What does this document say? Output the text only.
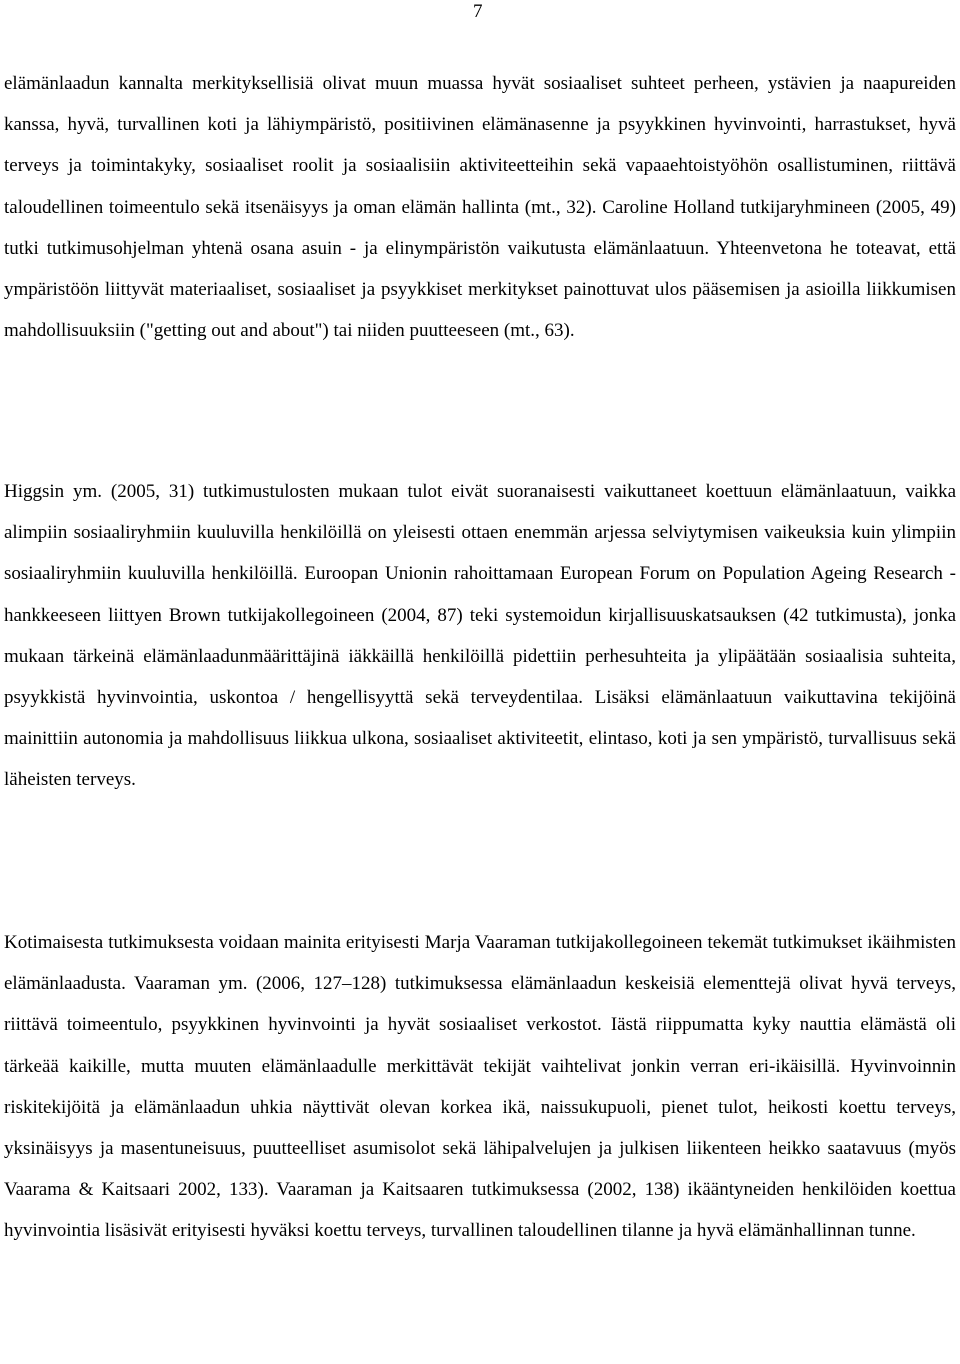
7

elämänlaadun kannalta merkityksellisiä olivat muun muassa hyvät sosiaaliset suhteet perheen, ystävien ja naapureiden kanssa, hyvä, turvallinen koti ja lähiympäristö, positiivinen elämänasenne ja psyykkinen hyvinvointi, harrastukset, hyvä terveys ja toimintakyky, sosiaaliset roolit ja sosiaalisiin aktiviteetteihin sekä vapaaehtoistyöhön osallistuminen, riittävä taloudellinen toimeentulo sekä itsenäisyys ja oman elämän hallinta (mt., 32). Caroline Holland tutkijaryhmineen (2005, 49) tutki tutkimusohjelman yhtenä osana asuin - ja elinympäristön vaikutusta elämänlaatuun. Yhteenvetona he toteavat, että ympäristöön liittyvät materiaaliset, sosiaaliset ja psyykkiset merkitykset painottuvat ulos pääsemisen ja asioilla liikkumisen mahdollisuuksiin ("getting out and about") tai niiden puutteeseen (mt., 63).

Higgsin ym. (2005, 31) tutkimustulosten mukaan tulot eivät suoranaisesti vaikuttaneet koettuun elämänlaatuun, vaikka alimpiin sosiaaliryhmiin kuuluvilla henkilöillä on yleisesti ottaen enemmän arjessa selviytymisen vaikeuksia kuin ylimpiin sosiaaliryhmiin kuuluvilla henkilöillä. Euroopan Unionin rahoittamaan European Forum on Population Ageing Research -hankkeeseen liittyen Brown tutkijakollegoineen (2004, 87) teki systemoidun kirjallisuuskatsauksen (42 tutkimusta), jonka mukaan tärkeinä elämänlaadunmäärittäjinä iäkkäillä henkilöillä pidettiin perhesuhteita ja ylipäätään sosiaalisia suhteita, psyykkistä hyvinvointia, uskontoa / hengellisyyttä sekä terveydentilaa. Lisäksi elämänlaatuun vaikuttavina tekijöinä mainittiin autonomia ja mahdollisuus liikkua ulkona, sosiaaliset aktiviteetit, elintaso, koti ja sen ympäristö, turvallisuus sekä läheisten terveys.

Kotimaisesta tutkimuksesta voidaan mainita erityisesti Marja Vaaraman tutkijakollegoineen tekemät tutkimukset ikäihmisten elämänlaadusta. Vaaraman ym. (2006, 127–128) tutkimuksessa elämänlaadun keskeisiä elementtejä olivat hyvä terveys, riittävä toimeentulo, psyykkinen hyvinvointi ja hyvät sosiaaliset verkostot. Iästä riippumatta kyky nauttia elämästä oli tärkeää kaikille, mutta muuten elämänlaadulle merkittävät tekijät vaihtelivat jonkin verran eri-ikäisillä. Hyvinvoinnin riskitekijöitä ja elämänlaadun uhkia näyttivät olevan korkea ikä, naissukupuoli, pienet tulot, heikosti koettu terveys, yksinäisyys ja masentuneisuus, puutteelliset asumisolot sekä lähipalvelujen ja julkisen liikenteen heikko saatavuus (myös Vaarama & Kaitsaari 2002, 133). Vaaraman ja Kaitsaaren tutkimuksessa (2002, 138) ikääntyneiden henkilöiden koettua hyvinvointia lisäsivät erityisesti hyväksi koettu terveys, turvallinen taloudellinen tilanne ja hyvä elämänhallinnan tunne.
